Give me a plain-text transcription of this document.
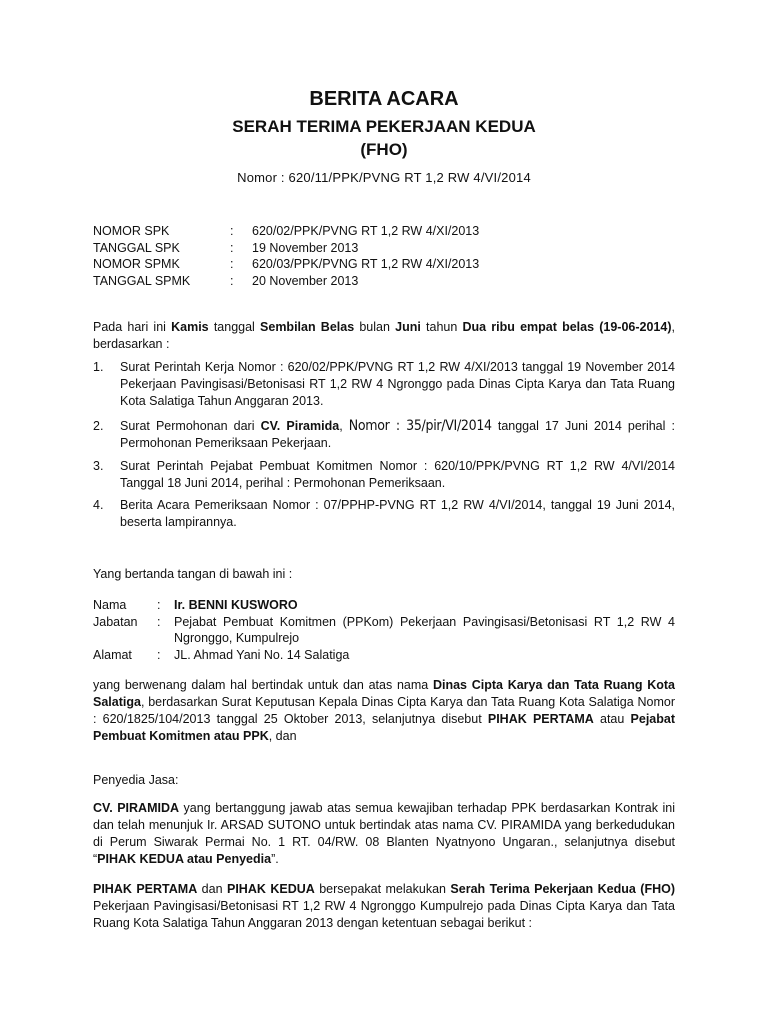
BERITA ACARA
SERAH TERIMA PEKERJAAN KEDUA
(FHO)
Nomor : 620/11/PPK/PVNG RT 1,2 RW 4/VI/2014
NOMOR SPK	:	620/02/PPK/PVNG RT 1,2 RW 4/XI/2013
TANGGAL SPK	:	19 November 2013
NOMOR SPMK	:	620/03/PPK/PVNG RT 1,2 RW 4/XI/2013
TANGGAL SPMK	:	20 November 2013
Pada hari ini Kamis tanggal Sembilan Belas bulan Juni tahun Dua ribu empat belas (19-06-2014), berdasarkan :
1.	Surat Perintah Kerja Nomor : 620/02/PPK/PVNG RT 1,2 RW 4/XI/2013 tanggal 19 November 2014 Pekerjaan Pavingisasi/Betonisasi RT 1,2 RW 4 Ngronggo pada Dinas Cipta Karya dan Tata Ruang Kota Salatiga Tahun Anggaran 2013.
2.	Surat Permohonan dari CV. Piramida, Nomor : 35/pir/VI/2014 tanggal 17 Juni 2014 perihal : Permohonan Pemeriksaan Pekerjaan.
3.	Surat Perintah Pejabat Pembuat Komitmen Nomor : 620/10/PPK/PVNG RT 1,2 RW 4/VI/2014 Tanggal 18 Juni 2014, perihal : Permohonan Pemeriksaan.
4.	Berita Acara Pemeriksaan Nomor : 07/PPHP-PVNG RT 1,2 RW 4/VI/2014, tanggal 19 Juni 2014, beserta lampirannya.
Yang bertanda tangan di bawah ini :
Nama	:	Ir. BENNI KUSWORO
Jabatan	:	Pejabat Pembuat Komitmen (PPKom) Pekerjaan Pavingisasi/Betonisasi RT 1,2 RW 4 Ngronggo, Kumpulrejo
Alamat	:	JL. Ahmad Yani No. 14 Salatiga
yang berwenang dalam hal bertindak untuk dan atas nama Dinas Cipta Karya dan Tata Ruang Kota Salatiga, berdasarkan Surat Keputusan Kepala Dinas Cipta Karya dan Tata Ruang Kota Salatiga Nomor : 620/1825/104/2013 tanggal 25 Oktober 2013, selanjutnya disebut PIHAK PERTAMA atau Pejabat Pembuat Komitmen atau PPK, dan
Penyedia Jasa:
CV. PIRAMIDA yang bertanggung jawab atas semua kewajiban terhadap PPK berdasarkan Kontrak ini dan telah menunjuk Ir. ARSAD SUTONO untuk bertindak atas nama CV. PIRAMIDA yang berkedudukan di Perum Siwarak Permai No. 1 RT. 04/RW. 08 Blanten Nyatnyono Ungaran., selanjutnya disebut “PIHAK KEDUA atau Penyedia”.
PIHAK PERTAMA dan PIHAK KEDUA bersepakat melakukan Serah Terima Pekerjaan Kedua (FHO) Pekerjaan Pavingisasi/Betonisasi RT 1,2 RW 4 Ngronggo Kumpulrejo pada Dinas Cipta Karya dan Tata Ruang Kota Salatiga Tahun Anggaran 2013 dengan ketentuan sebagai berikut :
